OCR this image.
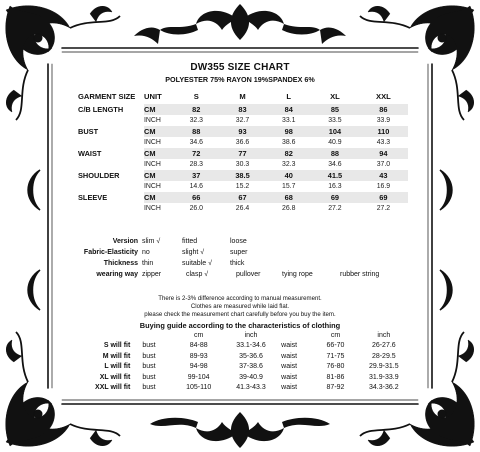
DW355 SIZE CHART
POLYESTER 75% RAYON 19%SPANDEX 6%
GARMENT SIZE	UNIT	S	M	L	XL	XXL
C/B LENGTH	CM	82	83	84	85	86
	INCH	32.3	32.7	33.1	33.5	33.9
BUST	CM	88	93	98	104	110
	INCH	34.6	36.6	38.6	40.9	43.3
WAIST	CM	72	77	82	88	94
	INCH	28.3	30.3	32.3	34.6	37.0
SHOULDER	CM	37	38.5	40	41.5	43
	INCH	14.6	15.2	15.7	16.3	16.9
SLEEVE	CM	66	67	68	69	69
	INCH	26.0	26.4	26.8	27.2	27.2
Version slim √	fitted	loose
Fabric-Elasticity no	slight √	super
Thickness thin	suitable √	thick
wearing way zipper	clasp √	pullover	tying rope	rubber string
There is 2-3% difference according to manual measurement.
Clothes are measured while laid flat.
please check the measurement chart carefully before you buy the item.
Buying guide according to the characteristics of clothing
		cm	inch		cm	inch
S will fit	bust	84-88	33.1-34.6	waist	66-70	26-27.6
M will fit	bust	89-93	35-36.6	waist	71-75	28-29.5
L will fit	bust	94-98	37-38.6	waist	76-80	29.9-31.5
XL will fit	bust	99-104	39-40.9	waist	81-86	31.9-33.9
XXL will fit	bust	105-110	41.3-43.3	waist	87-92	34.3-36.2
